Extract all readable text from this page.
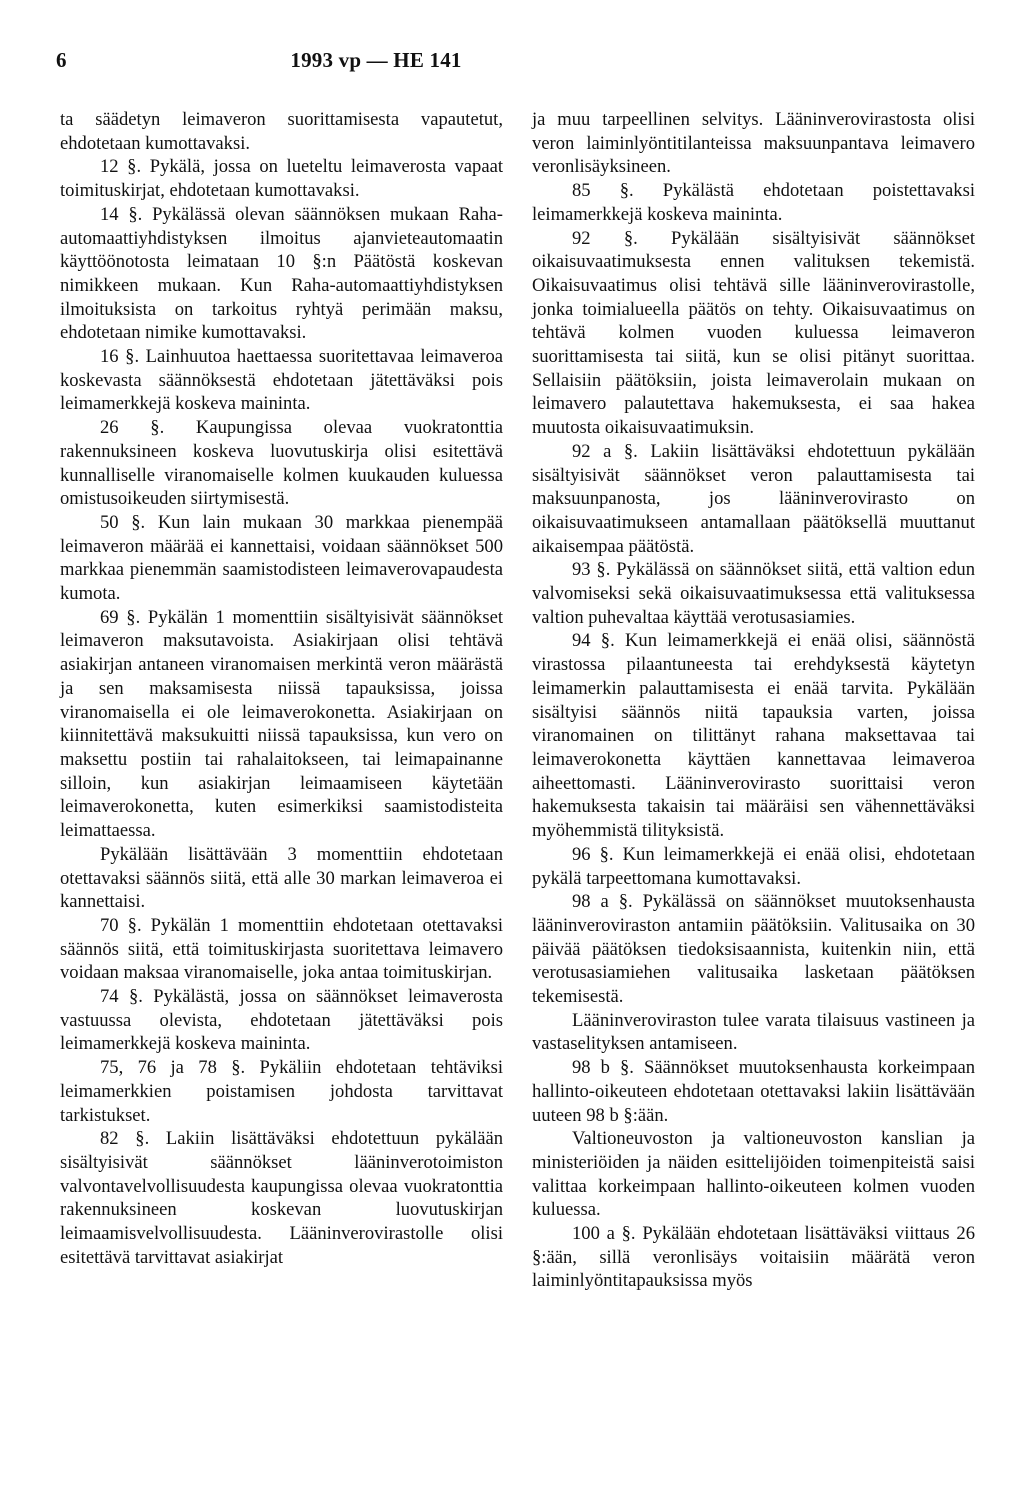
6	1993 vp — HE 141

ta säädetyn leimaveron suorittamisesta vapautetut, ehdotetaan kumottavaksi.

12 §. Pykälä, jossa on lueteltu leimaverosta vapaat toimituskirjat, ehdotetaan kumottavaksi.

14 §. Pykälässä olevan säännöksen mukaan Raha-automaattiyhdistyksen ilmoitus ajanvieteautomaatin käyttöönotosta leimataan 10 §:n Päätöstä koskevan nimikkeen mukaan. Kun Raha-automaattiyhdistyksen ilmoituksista on tarkoitus ryhtyä perimään maksu, ehdotetaan nimike kumottavaksi.

16 §. Lainhuutoa haettaessa suoritettavaa leimaveroa koskevasta säännöksestä ehdotetaan jätettäväksi pois leimamerkkejä koskeva maininta.

26 §. Kaupungissa olevaa vuokratonttia rakennuksineen koskeva luovutuskirja olisi esitettävä kunnalliselle viranomaiselle kolmen kuukauden kuluessa omistusoikeuden siirtymisestä.

50 §. Kun lain mukaan 30 markkaa pienempää leimaveron määrää ei kannettaisi, voidaan säännökset 500 markkaa pienemmän saamistodisteen leimaverovapaudesta kumota.

69 §. Pykälän 1 momenttiin sisältyisivät säännökset leimaveron maksutavoista. Asiakirjaan olisi tehtävä asiakirjan antaneen viranomaisen merkintä veron määrästä ja sen maksamisesta niissä tapauksissa, joissa viranomaisella ei ole leimaverokonetta. Asiakirjaan on kiinnitettävä maksukuitti niissä tapauksissa, kun vero on maksettu postiin tai rahalaitokseen, tai leimapainanne silloin, kun asiakirjan leimaamiseen käytetään leimaverokonetta, kuten esimerkiksi saamistodisteita leimattaessa.

Pykälään lisättävään 3 momenttiin ehdotetaan otettavaksi säännös siitä, että alle 30 markan leimaveroa ei kannettaisi.

70 §. Pykälän 1 momenttiin ehdotetaan otettavaksi säännös siitä, että toimituskirjasta suoritettava leimavero voidaan maksaa viranomaiselle, joka antaa toimituskirjan.

74 §. Pykälästä, jossa on säännökset leimaverosta vastuussa olevista, ehdotetaan jätettäväksi pois leimamerkkejä koskeva maininta.

75, 76 ja 78 §. Pykäliin ehdotetaan tehtäviksi leimamerkkien poistamisen johdosta tarvittavat tarkistukset.

82 §. Lakiin lisättäväksi ehdotettuun pykälään sisältyisivät säännökset lääninverotoimiston valvontavelvollisuudesta kaupungissa olevaa vuokratonttia rakennuksineen koskevan luovutuskirjan leimaamisvelvollisuudesta. Lääninverovirastolle olisi esitettävä tarvittavat asiakirjat

ja muu tarpeellinen selvitys. Lääninverovirastosta olisi veron laiminlyöntitilanteissa maksuunpantava leimavero veronlisäyksineen.

85 §. Pykälästä ehdotetaan poistettavaksi leimamerkkejä koskeva maininta.

92 §. Pykälään sisältyisivät säännökset oikaisuvaatimuksesta ennen valituksen tekemistä. Oikaisuvaatimus olisi tehtävä sille lääninverovirastolle, jonka toimialueella päätös on tehty. Oikaisuvaatimus on tehtävä kolmen vuoden kuluessa leimaveron suorittamisesta tai siitä, kun se olisi pitänyt suorittaa. Sellaisiin päätöksiin, joista leimaverolain mukaan on leimavero palautettava hakemuksesta, ei saa hakea muutosta oikaisuvaatimuksin.

92 a §. Lakiin lisättäväksi ehdotettuun pykälään sisältyisivät säännökset veron palauttamisesta tai maksuunpanosta, jos lääninverovirasto on oikaisuvaatimukseen antamallaan päätöksellä muuttanut aikaisempaa päätöstä.

93 §. Pykälässä on säännökset siitä, että valtion edun valvomiseksi sekä oikaisuvaatimuksessa että valituksessa valtion puhevaltaa käyttää verotusasiamies.

94 §. Kun leimamerkkejä ei enää olisi, säännöstä virastossa pilaantuneesta tai erehdyksestä käytetyn leimamerkin palauttamisesta ei enää tarvita. Pykälään sisältyisi säännös niitä tapauksia varten, joissa viranomainen on tilittänyt rahana maksettavaa tai leimaverokonetta käyttäen kannettavaa leimaveroa aiheettomasti. Lääninverovirasto suorittaisi veron hakemuksesta takaisin tai määräisi sen vähennettäväksi myöhemmistä tilityksistä.

96 §. Kun leimamerkkejä ei enää olisi, ehdotetaan pykälä tarpeettomana kumottavaksi.

98 a §. Pykälässä on säännökset muutoksenhausta lääninveroviraston antamiin päätöksiin. Valitusaika on 30 päivää päätöksen tiedoksisaannista, kuitenkin niin, että verotusasiamiehen valitusaika lasketaan päätöksen tekemisestä.

Lääninveroviraston tulee varata tilaisuus vastineen ja vastaselityksen antamiseen.

98 b §. Säännökset muutoksenhausta korkeimpaan hallinto-oikeuteen ehdotetaan otettavaksi lakiin lisättävään uuteen 98 b §:ään.

Valtioneuvoston ja valtioneuvoston kanslian ja ministeriöiden ja näiden esittelijöiden toimenpiteistä saisi valittaa korkeimpaan hallinto-oikeuteen kolmen vuoden kuluessa.

100 a §. Pykälään ehdotetaan lisättäväksi viittaus 26 §:ään, sillä veronlisäys voitaisiin määrätä veron laiminlyöntitapauksissa myös
